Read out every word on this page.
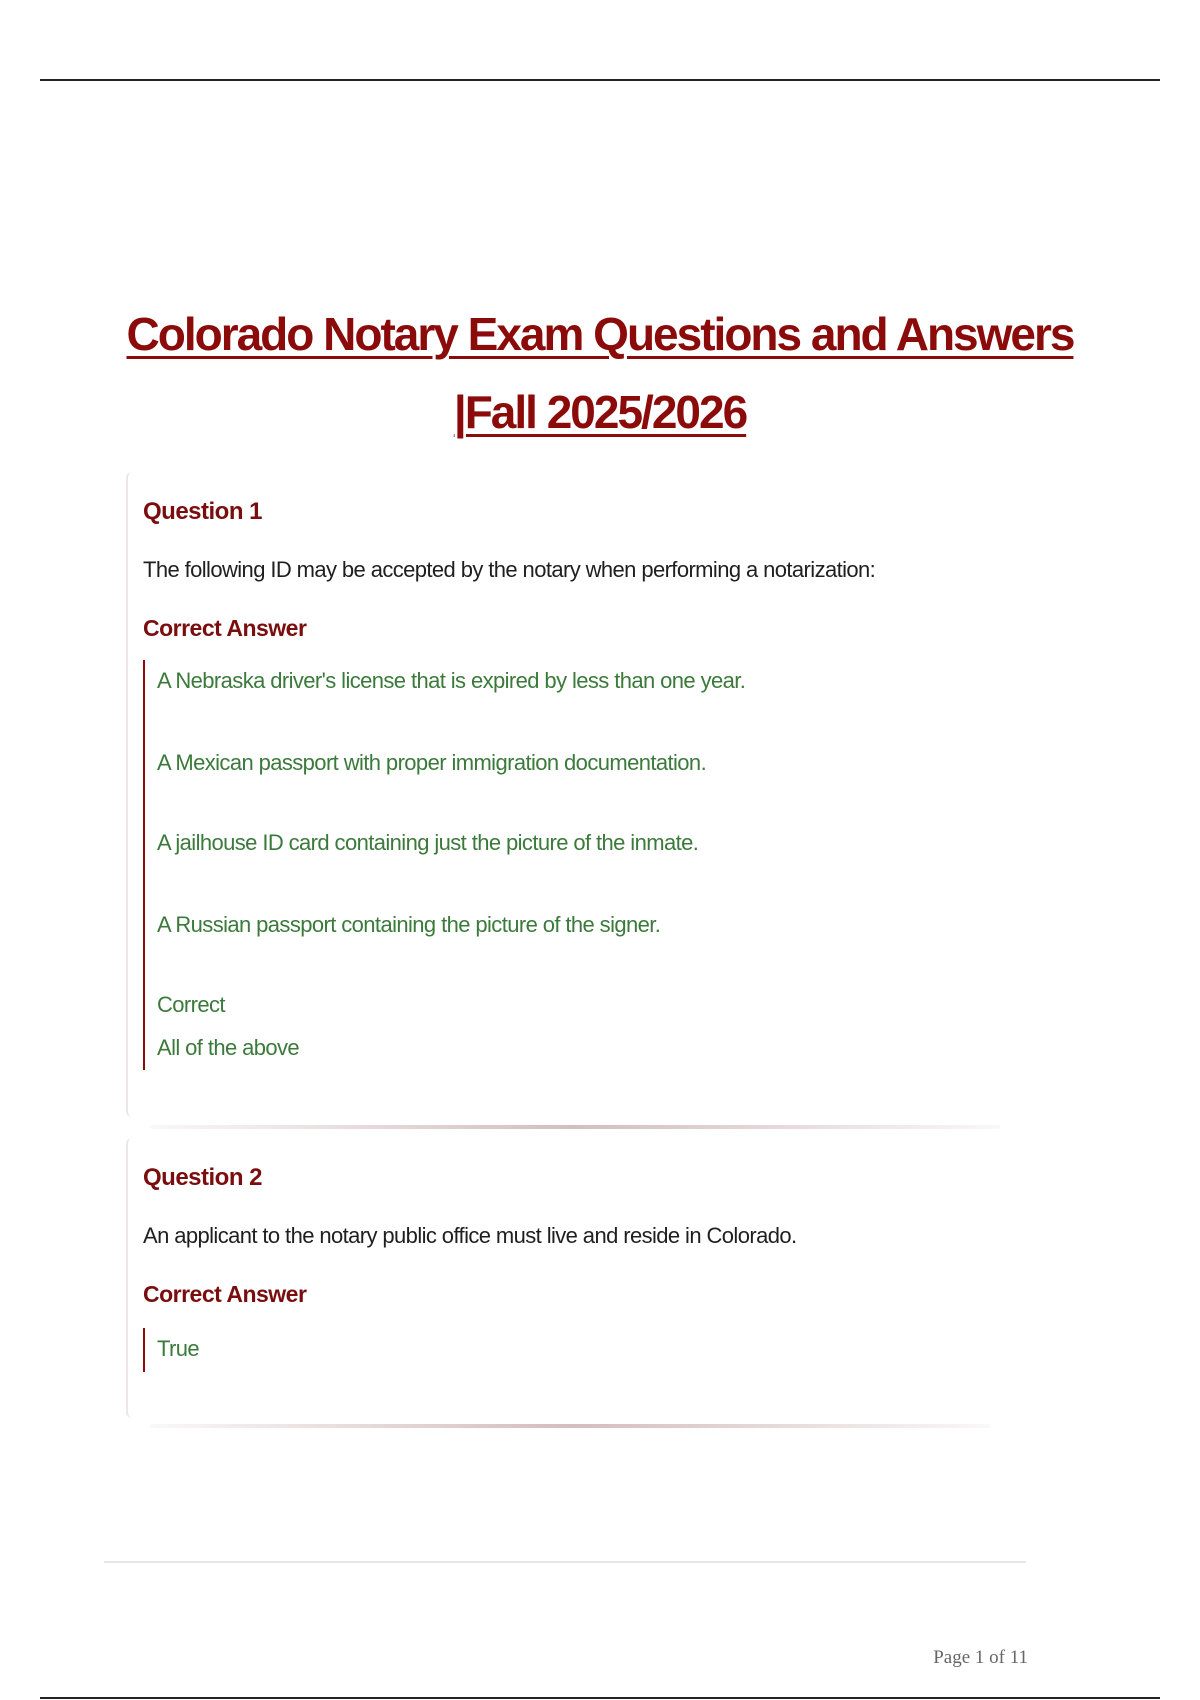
Colorado Notary Exam Questions and Answers |Fall 2025/2026

Question 1

The following ID may be accepted by the notary when performing a notarization:

Correct Answer
A Nebraska driver's license that is expired by less than one year.
A Mexican passport with proper immigration documentation.
A jailhouse ID card containing just the picture of the inmate.
A Russian passport containing the picture of the signer.
Correct
All of the above
Question 2

An applicant to the notary public office must live and reside in Colorado.

Correct Answer
True
Page 1 of 11
